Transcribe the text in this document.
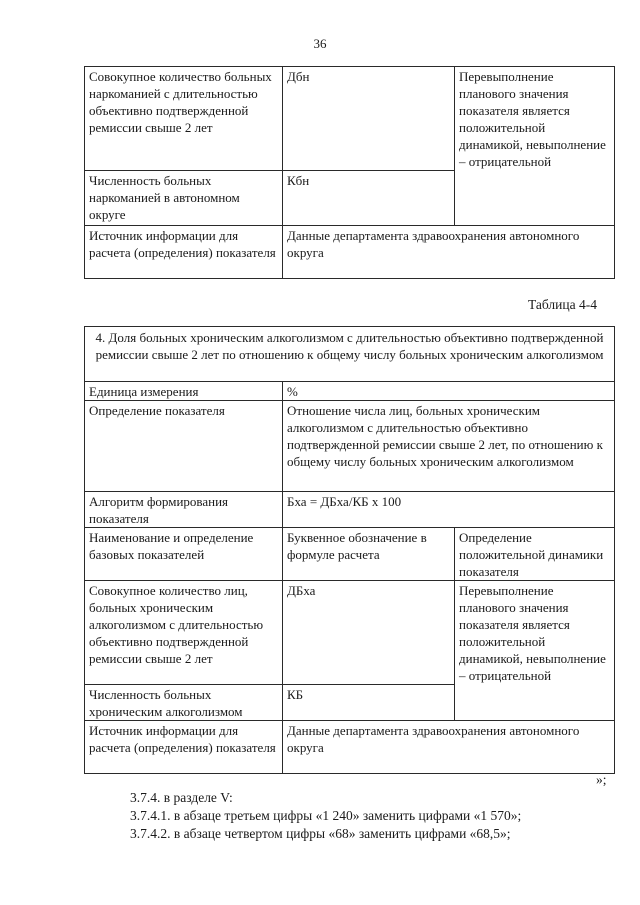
36
Совокупное количество больных наркоманией с длительностью объективно подтвержденной ремиссии свыше 2 лет	Дбн	Перевыполнение планового значения показателя является положительной динамикой, невыполнение – отрицательной
Численность больных наркоманией в автономном округе	Кбн	
Источник информации для расчета (определения) показателя	Данные департамента здравоохранения автономного округа	
Таблица 4-4
4. Доля больных хроническим алкоголизмом с длительностью объективно подтвержденной ремиссии свыше 2 лет по отношению к общему числу больных хроническим алкоголизмом		
Единица измерения	%	
Определение показателя	Отношение числа лиц, больных хроническим алкоголизмом с длительностью объективно подтвержденной ремиссии свыше 2 лет, по отношению к общему числу больных хроническим алкоголизмом	
Алгоритм формирования показателя	Бха = ДБха/КБ х 100	
Наименование и определение базовых показателей	Буквенное обозначение в формуле расчета	Определение положительной динамики показателя
Совокупное количество лиц, больных хроническим алкоголизмом с длительностью объективно подтвержденной ремиссии свыше 2 лет	ДБха	Перевыполнение планового значения показателя является положительной динамикой, невыполнение – отрицательной
Численность больных хроническим алкоголизмом	КБ	
Источник информации для расчета (определения) показателя	Данные департамента здравоохранения автономного округа	
»;
3.7.4. в разделе V:
3.7.4.1. в абзаце третьем цифры «1 240» заменить цифрами «1 570»;
3.7.4.2. в абзаце четвертом цифры «68» заменить цифрами «68,5»;
